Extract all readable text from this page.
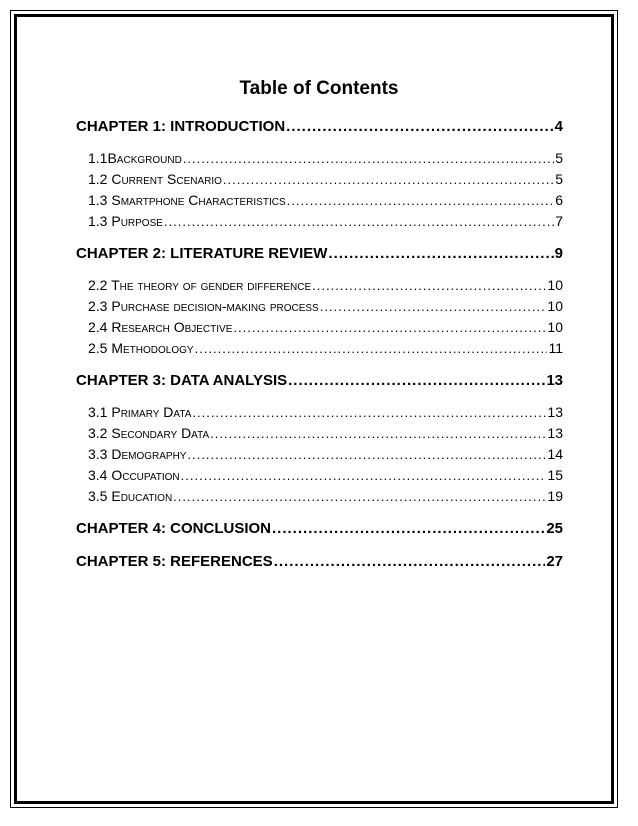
Table of Contents
CHAPTER 1: INTRODUCTION .....	4
1.1Background .....	5
1.2 Current Scenario .....	5
1.3 Smartphone Characteristics .....	6
1.3 Purpose .....	7
CHAPTER 2: LITERATURE REVIEW .....	9
2.2 The theory of gender difference .....	10
2.3 Purchase decision-making process .....	10
2.4 Research Objective .....	10
2.5 Methodology .....	11
CHAPTER 3: DATA ANALYSIS .....	13
3.1 Primary Data .....	13
3.2 Secondary Data .....	13
3.3 Demography .....	14
3.4 Occupation .....	15
3.5 Education .....	19
CHAPTER 4: CONCLUSION .....	25
CHAPTER 5: REFERENCES .....	27
